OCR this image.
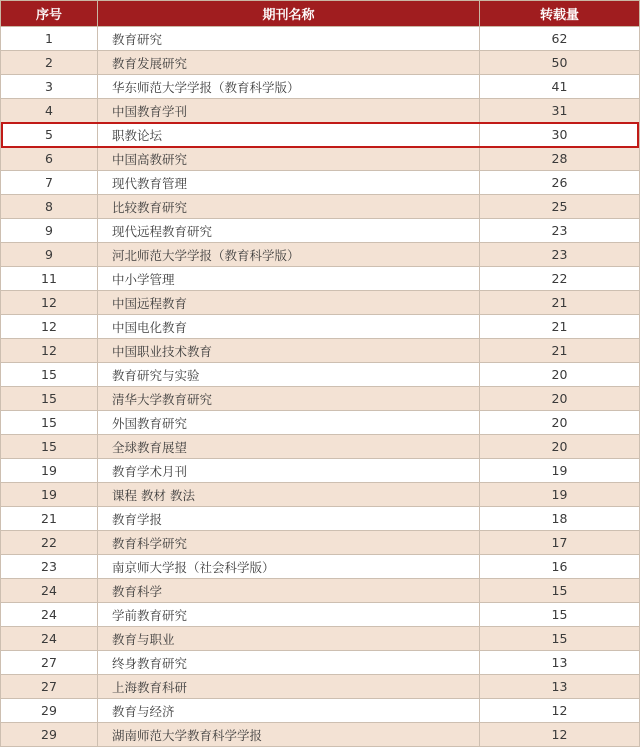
序号	期刊名称	转载量
1	教育研究	62
2	教育发展研究	50
3	华东师范大学学报（教育科学版）	41
4	中国教育学刊	31
5	职教论坛	30
6	中国高教研究	28
7	现代教育管理	26
8	比较教育研究	25
9	现代远程教育研究	23
9	河北师范大学学报（教育科学版）	23
11	中小学管理	22
12	中国远程教育	21
12	中国电化教育	21
12	中国职业技术教育	21
15	教育研究与实验	20
15	清华大学教育研究	20
15	外国教育研究	20
15	全球教育展望	20
19	教育学术月刊	19
19	课程 教材 教法	19
21	教育学报	18
22	教育科学研究	17
23	南京师大学报（社会科学版）	16
24	教育科学	15
24	学前教育研究	15
24	教育与职业	15
27	终身教育研究	13
27	上海教育科研	13
29	教育与经济	12
29	湖南师范大学教育科学学报	12
